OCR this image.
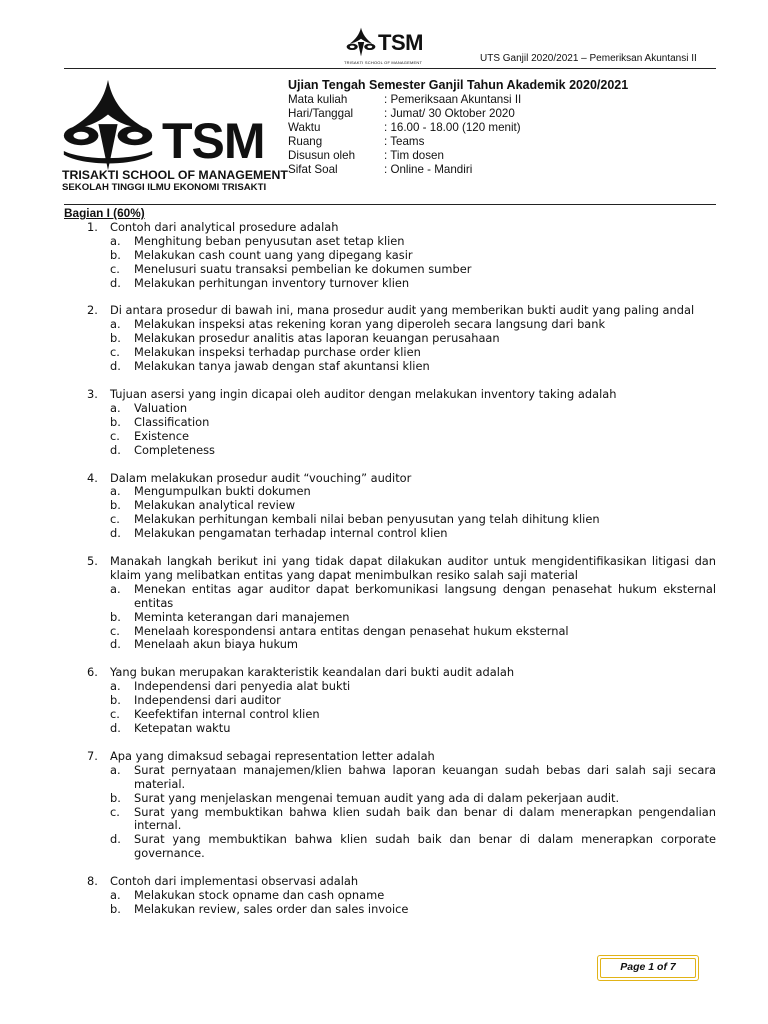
TSM
TRISAKTI SCHOOL OF MANAGEMENT	UTS Ganjil 2020/2021 – Pemeriksan Akuntansi II
TSM
TRISAKTI SCHOOL OF MANAGEMENT
SEKOLAH TINGGI ILMU EKONOMI TRISAKTI
Ujian Tengah Semester Ganjil Tahun Akademik 2020/2021
Mata kuliah	: Pemeriksaan Akuntansi II
Hari/Tanggal	: Jumat/ 30 Oktober 2020
Waktu	: 16.00 - 18.00 (120 menit)
Ruang	: Teams
Disusun oleh	: Tim dosen
Sifat Soal	: Online - Mandiri
Bagian I (60%)
1. Contoh dari analytical prosedure adalah
a. Menghitung beban penyusutan aset tetap klien
b. Melakukan cash count uang yang dipegang kasir
c. Menelusuri suatu transaksi pembelian ke dokumen sumber
d. Melakukan perhitungan inventory turnover klien
2. Di antara prosedur di bawah ini, mana prosedur audit yang memberikan bukti audit yang paling andal
a. Melakukan inspeksi atas rekening koran yang diperoleh secara langsung dari bank
b. Melakukan prosedur analitis atas laporan keuangan perusahaan
c. Melakukan inspeksi terhadap purchase order klien
d. Melakukan tanya jawab dengan staf akuntansi klien
3. Tujuan asersi yang ingin dicapai oleh auditor dengan melakukan inventory taking adalah
a. Valuation
b. Classification
c. Existence
d. Completeness
4. Dalam melakukan prosedur audit “vouching” auditor
a. Mengumpulkan bukti dokumen
b. Melakukan analytical review
c. Melakukan perhitungan kembali nilai beban penyusutan yang telah dihitung klien
d. Melakukan pengamatan terhadap internal control klien
5. Manakah langkah berikut ini yang tidak dapat dilakukan auditor untuk mengidentifikasikan litigasi dan klaim yang melibatkan entitas yang dapat menimbulkan resiko salah saji material
a. Menekan entitas agar auditor dapat berkomunikasi langsung dengan penasehat hukum eksternal entitas
b. Meminta keterangan dari manajemen
c. Menelaah korespondensi antara entitas dengan penasehat hukum eksternal
d. Menelaah akun biaya hukum
6. Yang bukan merupakan karakteristik keandalan dari bukti audit adalah
a. Independensi dari penyedia alat bukti
b. Independensi dari auditor
c. Keefektifan internal control klien
d. Ketepatan waktu
7. Apa yang dimaksud sebagai representation letter adalah
a. Surat pernyataan manajemen/klien bahwa laporan keuangan sudah bebas dari salah saji secara material.
b. Surat yang menjelaskan mengenai temuan audit yang ada di dalam pekerjaan audit.
c. Surat yang membuktikan bahwa klien sudah baik dan benar di dalam menerapkan pengendalian internal.
d. Surat yang membuktikan bahwa klien sudah baik dan benar di dalam menerapkan corporate governance.
8. Contoh dari implementasi observasi adalah
a. Melakukan stock opname dan cash opname
b. Melakukan review, sales order dan sales invoice
Page 1 of 7
